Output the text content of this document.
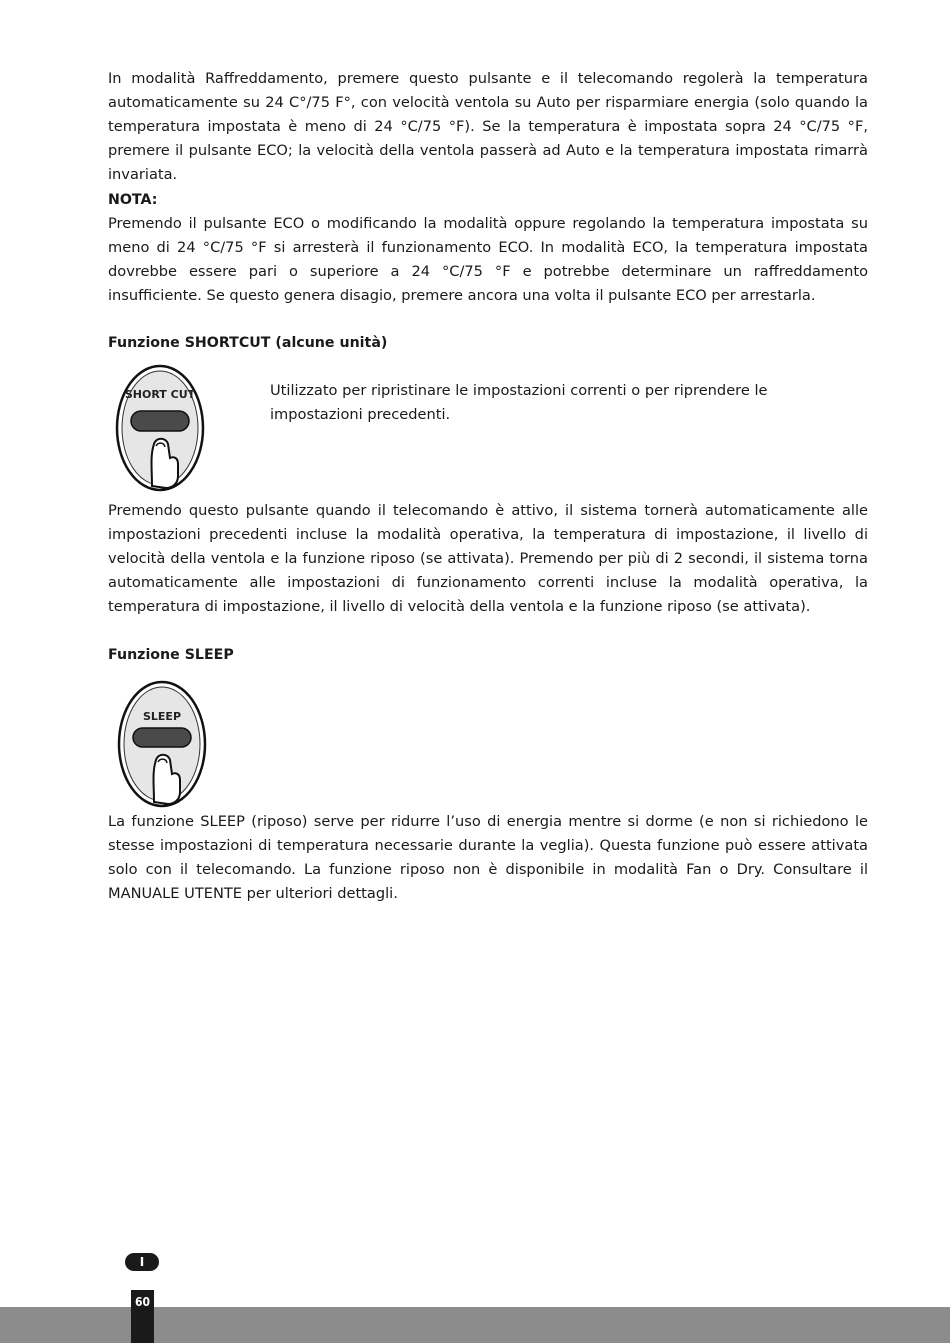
In modalità Raffreddamento, premere questo pulsante e il telecomando regolerà la temperatura automaticamente su 24 C°/75 F°, con velocità ventola su Auto per risparmiare energia (solo quando la temperatura impostata è meno di 24 °C/75 °F). Se la temperatura è impostata sopra 24 °C/75 °F, premere il pulsante ECO; la velocità della ventola passerà ad Auto e la temperatura impostata rimarrà invariata.

NOTA:

Premendo il pulsante ECO o modificando la modalità oppure regolando la temperatura impostata su meno di 24 °C/75 °F si arresterà il funzionamento ECO. In modalità ECO, la temperatura impostata dovrebbe essere pari o superiore a 24 °C/75 °F e potrebbe determinare un raffreddamento insufficiente. Se questo genera disagio, premere ancora una volta il pulsante ECO per arrestarla.

Funzione SHORTCUT (alcune unità)

SHORT CUT	Utilizzato per ripristinare le impostazioni correnti o per riprendere le impostazioni precedenti.

Premendo questo pulsante quando il telecomando è attivo, il sistema tornerà automaticamente alle impostazioni precedenti incluse la modalità operativa, la temperatura di impostazione, il livello di velocità della ventola e la funzione riposo (se attivata). Premendo per più di 2 secondi, il sistema torna automaticamente alle impostazioni di funzionamento correnti incluse la modalità operativa, la temperatura di impostazione, il livello di velocità della ventola e la funzione riposo (se attivata).

Funzione SLEEP

SLEEP

La funzione SLEEP (riposo) serve per ridurre l’uso di energia mentre si dorme (e non si richiedono le stesse impostazioni di temperatura necessarie durante la veglia). Questa funzione può essere attivata solo con il telecomando. La funzione riposo non è disponibile in modalità Fan o Dry. Consultare il MANUALE UTENTE per ulteriori dettagli.

I
60
